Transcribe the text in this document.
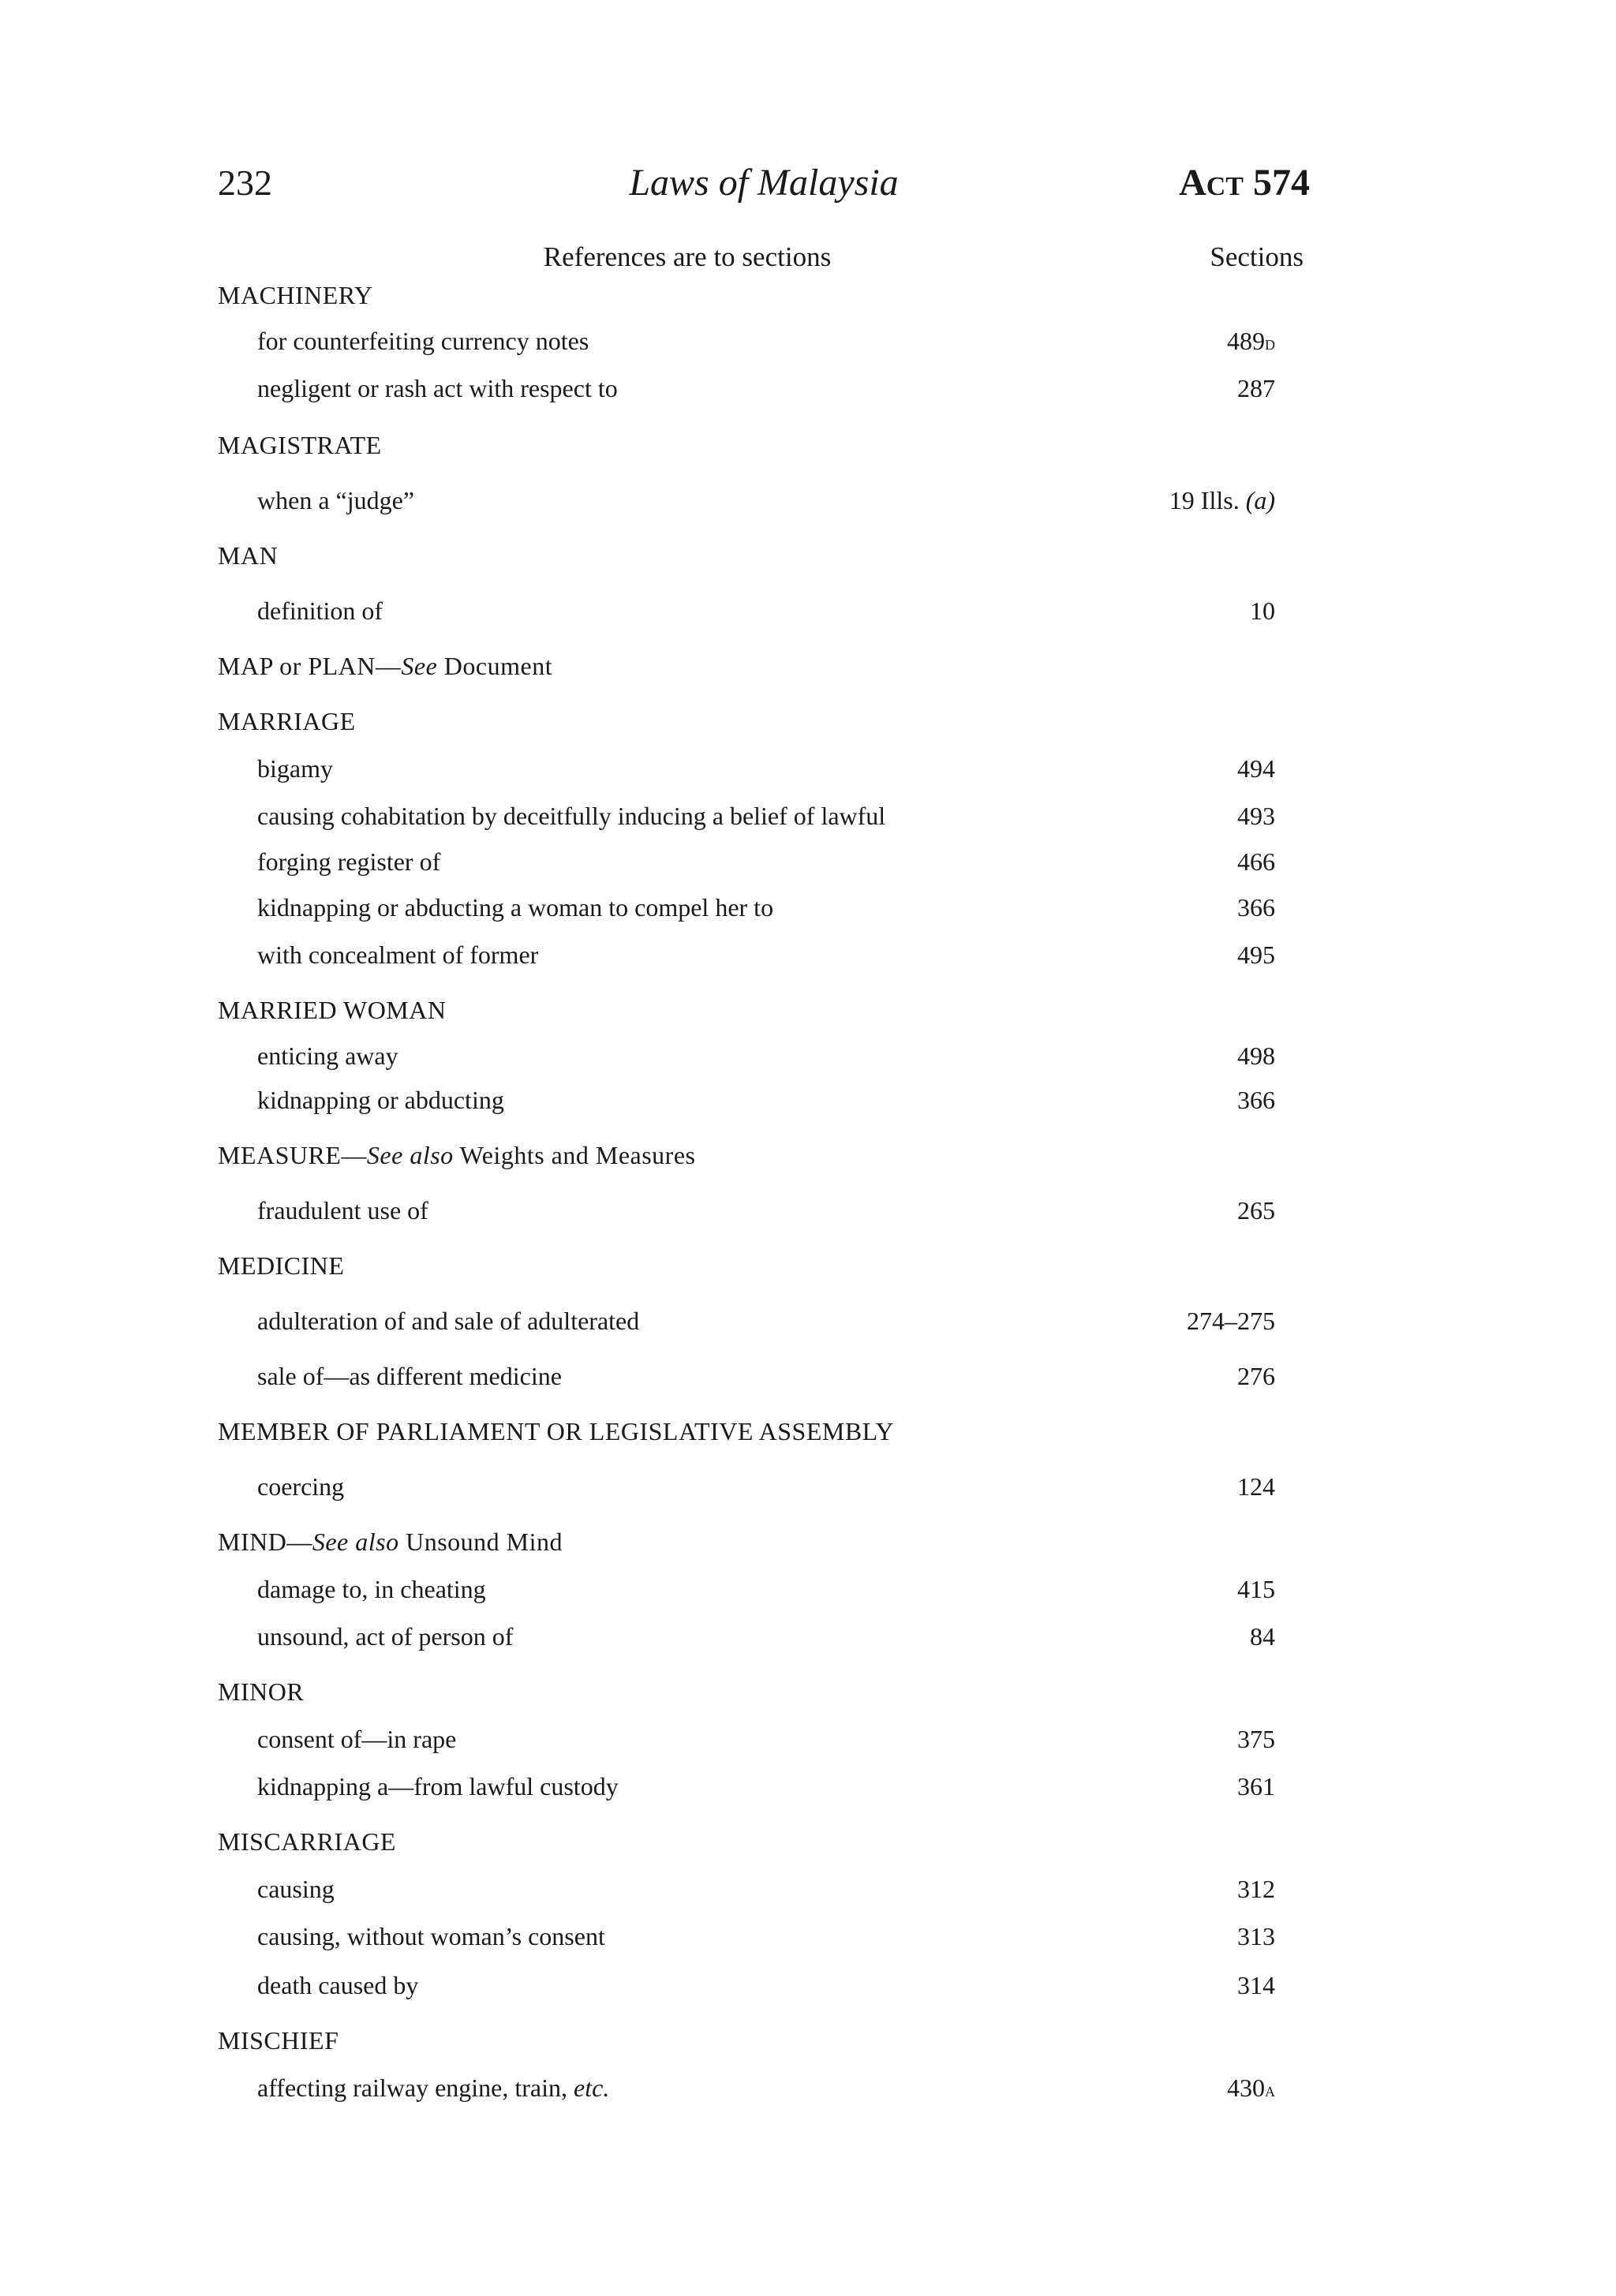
232	Laws of Malaysia	Act 574
References are to sections	Sections
MACHINERY
for counterfeiting currency notes	489d
negligent or rash act with respect to	287
MAGISTRATE
when a “judge”	19 Ills. (a)
MAN
definition of	10
MAP or PLAN—See Document
MARRIAGE
bigamy	494
causing cohabitation by deceitfully inducing a belief of lawful	493
forging register of	466
kidnapping or abducting a woman to compel her to	366
with concealment of former	495
MARRIED WOMAN
enticing away	498
kidnapping or abducting	366
MEASURE—See also Weights and Measures
fraudulent use of	265
MEDICINE
adulteration of and sale of adulterated	274–275
sale of—as different medicine	276
MEMBER OF PARLIAMENT OR LEGISLATIVE ASSEMBLY
coercing	124
MIND—See also Unsound Mind
damage to, in cheating	415
unsound, act of person of	84
MINOR
consent of—in rape	375
kidnapping a—from lawful custody	361
MISCARRIAGE
causing	312
causing, without woman’s consent	313
death caused by	314
MISCHIEF
affecting railway engine, train, etc.	430a
